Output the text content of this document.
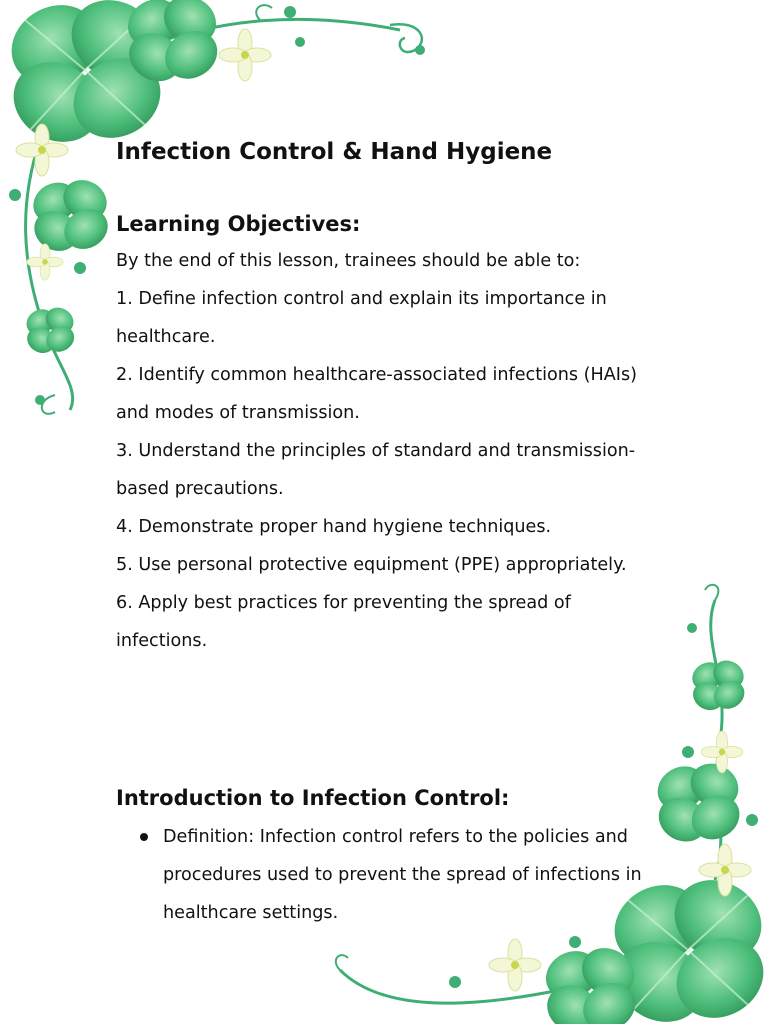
Infection Control & Hand Hygiene
Learning Objectives:

By the end of this lesson, trainees should be able to:

1. Define infection control and explain its importance in healthcare.

2. Identify common healthcare-associated infections (HAIs) and modes of transmission.

3. Understand the principles of standard and transmission-based precautions.

4. Demonstrate proper hand hygiene techniques.

5. Use personal protective equipment (PPE) appropriately.

6. Apply best practices for preventing the spread of infections.

Introduction to Infection Control:
Definition: Infection control refers to the policies and procedures used to prevent the spread of infections in healthcare settings.
